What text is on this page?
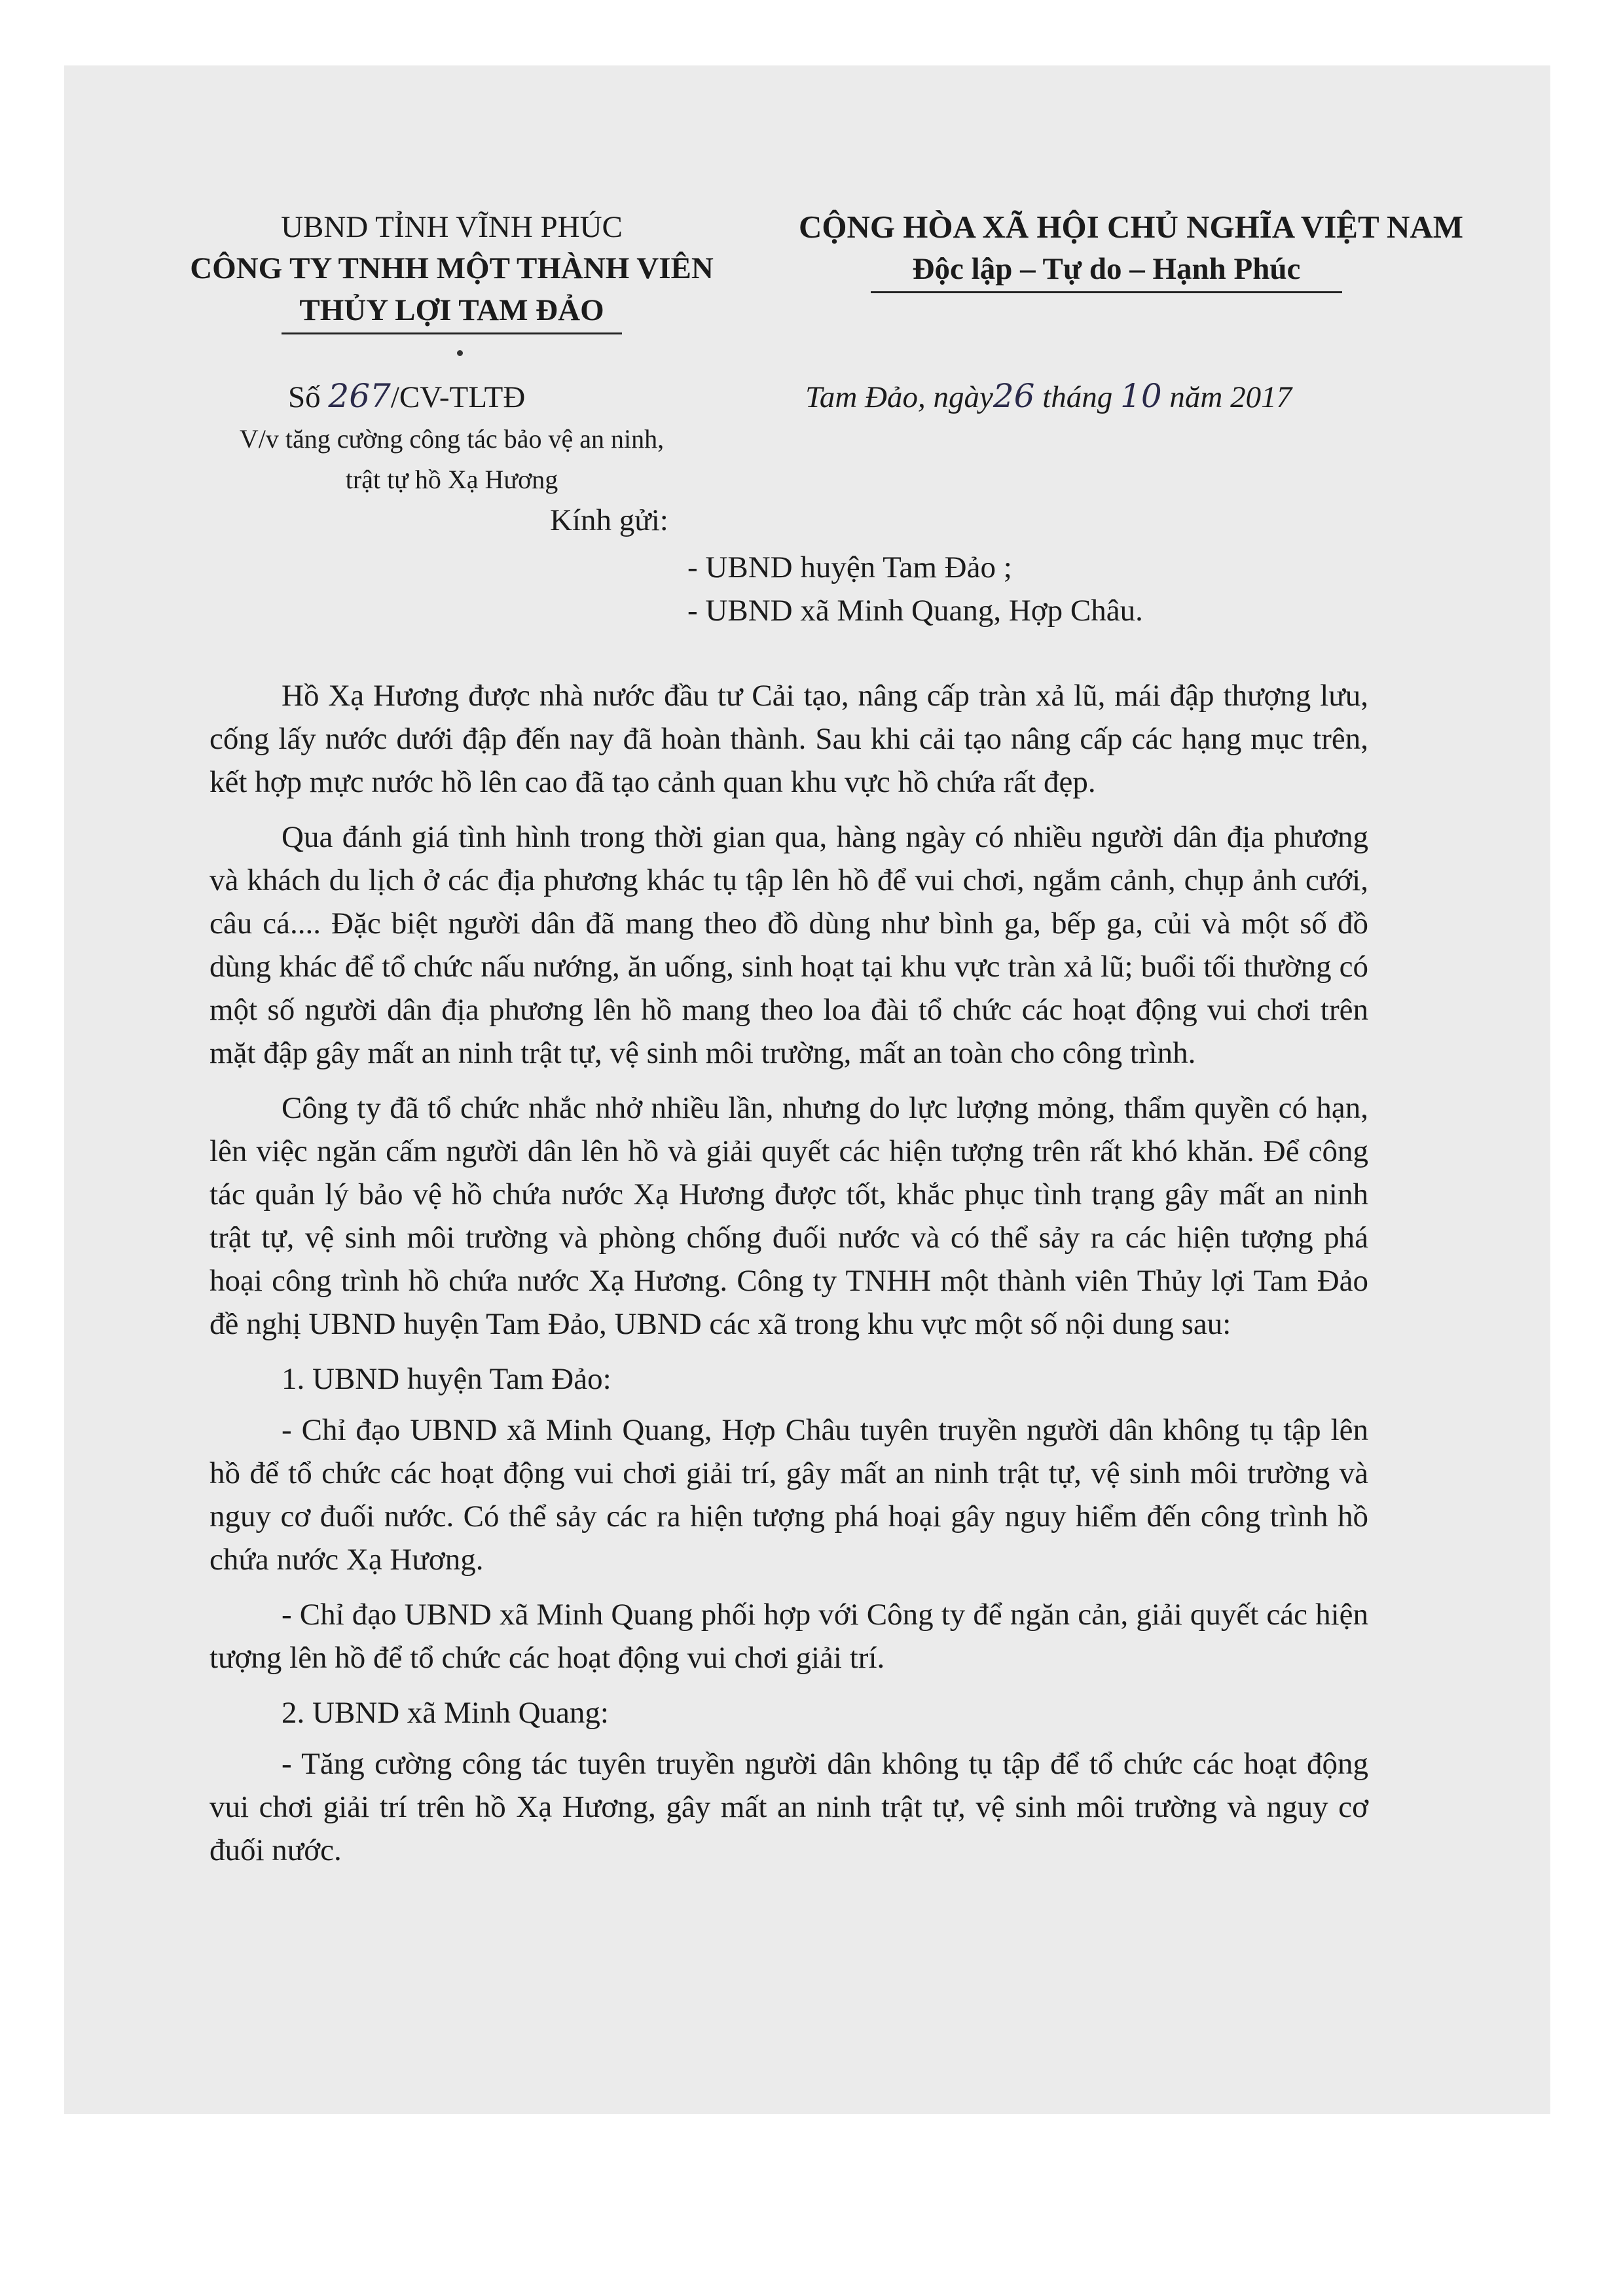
UBND TỈNH VĨNH PHÚC
CÔNG TY TNHH MỘT THÀNH VIÊN
THỦY LỢI TAM ĐẢO
CỘNG HÒA XÃ HỘI CHỦ NGHĨA VIỆT NAM
Độc lập – Tự do – Hạnh Phúc
Số 267/CV-TLTĐ	Tam Đảo, ngày26 tháng 10 năm 2017
V/v tăng cường công tác bảo vệ an ninh,
trật tự hồ Xạ Hương
Kính gửi:
- UBND huyện Tam Đảo ;
- UBND xã Minh Quang, Hợp Châu.

Hồ Xạ Hương được nhà nước đầu tư Cải tạo, nâng cấp tràn xả lũ, mái đập thượng lưu, cống lấy nước dưới đập đến nay đã hoàn thành. Sau khi cải tạo nâng cấp các hạng mục trên, kết hợp mực nước hồ lên cao đã tạo cảnh quan khu vực hồ chứa rất đẹp.

Qua đánh giá tình hình trong thời gian qua, hàng ngày có nhiều người dân địa phương và khách du lịch ở các địa phương khác tụ tập lên hồ để vui chơi, ngắm cảnh, chụp ảnh cưới, câu cá.... Đặc biệt người dân đã mang theo đồ dùng như bình ga, bếp ga, củi và một số đồ dùng khác để tổ chức nấu nướng, ăn uống, sinh hoạt tại khu vực tràn xả lũ; buổi tối thường có một số người dân địa phương lên hồ mang theo loa đài tổ chức các hoạt động vui chơi trên mặt đập gây mất an ninh trật tự, vệ sinh môi trường, mất an toàn cho công trình.

Công ty đã tổ chức nhắc nhở nhiều lần, nhưng do lực lượng mỏng, thẩm quyền có hạn, lên việc ngăn cấm người dân lên hồ và giải quyết các hiện tượng trên rất khó khăn. Để công tác quản lý bảo vệ hồ chứa nước Xạ Hương được tốt, khắc phục tình trạng gây mất an ninh trật tự, vệ sinh môi trường và phòng chống đuối nước và có thể sảy ra các hiện tượng phá hoại công trình hồ chứa nước Xạ Hương. Công ty TNHH một thành viên Thủy lợi Tam Đảo đề nghị UBND huyện Tam Đảo, UBND các xã trong khu vực một số nội dung sau:

1. UBND huyện Tam Đảo:

- Chỉ đạo UBND xã Minh Quang, Hợp Châu tuyên truyền người dân không tụ tập lên hồ để tổ chức các hoạt động vui chơi giải trí, gây mất an ninh trật tự, vệ sinh môi trường và nguy cơ đuối nước. Có thể sảy các ra hiện tượng phá hoại gây nguy hiểm đến công trình hồ chứa nước Xạ Hương.

- Chỉ đạo UBND xã Minh Quang phối hợp với Công ty để ngăn cản, giải quyết các hiện tượng lên hồ để tổ chức các hoạt động vui chơi giải trí.

2. UBND xã Minh Quang:

- Tăng cường công tác tuyên truyền người dân không tụ tập để tổ chức các hoạt động vui chơi giải trí trên hồ Xạ Hương, gây mất an ninh trật tự, vệ sinh môi trường và nguy cơ đuối nước.
